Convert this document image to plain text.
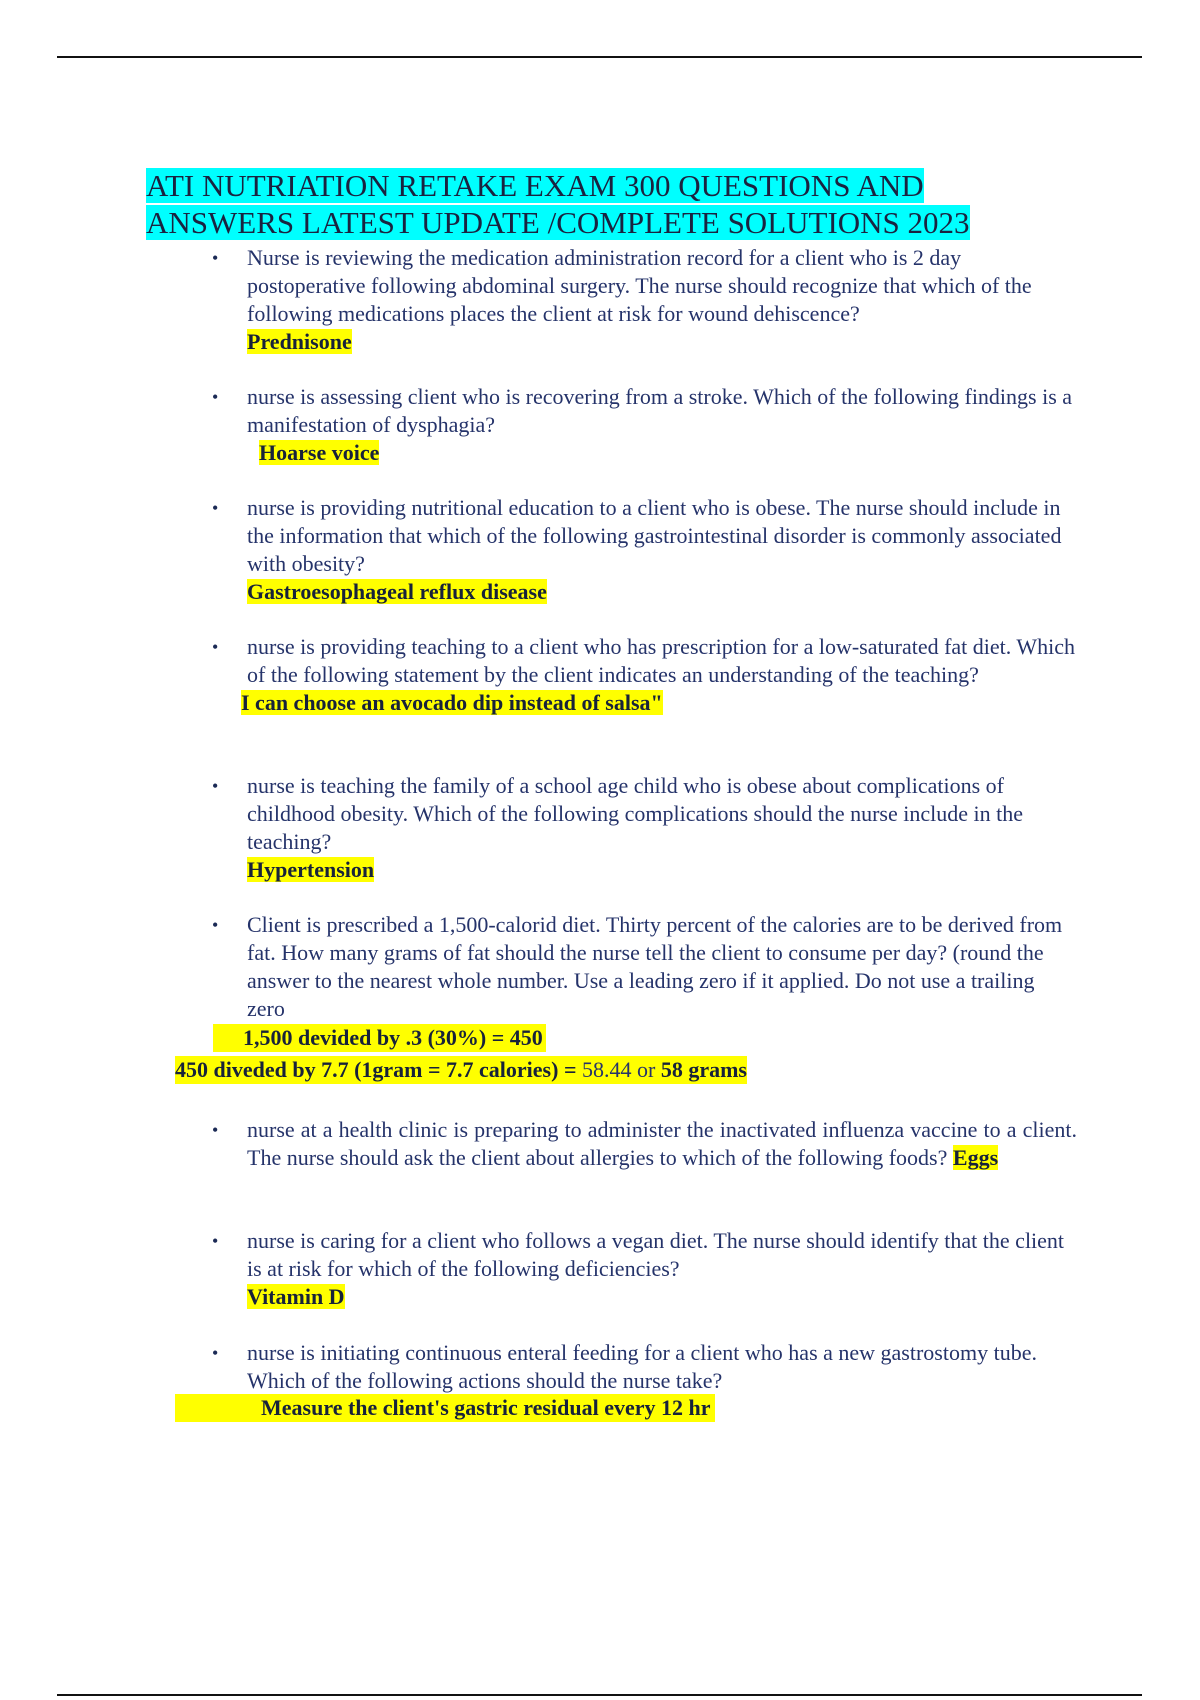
ATI NUTRIATION RETAKE EXAM 300 QUESTIONS AND
ANSWERS LATEST UPDATE /COMPLETE SOLUTIONS 2023
• Nurse is reviewing the medication administration record for a client who is 2 day postoperative following abdominal surgery. The nurse should recognize that which of the following medications places the client at risk for wound dehiscence?
Prednisone
• nurse is assessing client who is recovering from a stroke. Which of the following findings is a manifestation of dysphagia?
Hoarse voice
• nurse is providing nutritional education to a client who is obese. The nurse should include in the information that which of the following gastrointestinal disorder is commonly associated with obesity?
Gastroesophageal reflux disease
• nurse is providing teaching to a client who has prescription for a low-saturated fat diet. Which of the following statement by the client indicates an understanding of the teaching?
I can choose an avocado dip instead of salsa"
• nurse is teaching the family of a school age child who is obese about complications of childhood obesity. Which of the following complications should the nurse include in the teaching?
Hypertension
• Client is prescribed a 1,500-calorid diet. Thirty percent of the calories are to be derived from fat. How many grams of fat should the nurse tell the client to consume per day? (round the answer to the nearest whole number. Use a leading zero if it applied. Do not use a trailing zero
1,500 devided by .3 (30%) = 450
450 diveded by 7.7 (1gram = 7.7 calories) = 58.44 or 58 grams
• nurse at a health clinic is preparing to administer the inactivated influenza vaccine to a client. The nurse should ask the client about allergies to which of the following foods? Eggs
• nurse is caring for a client who follows a vegan diet. The nurse should identify that the client is at risk for which of the following deficiencies?
Vitamin D
• nurse is initiating continuous enteral feeding for a client who has a new gastrostomy tube. Which of the following actions should the nurse take?
Measure the client's gastric residual every 12 hr
